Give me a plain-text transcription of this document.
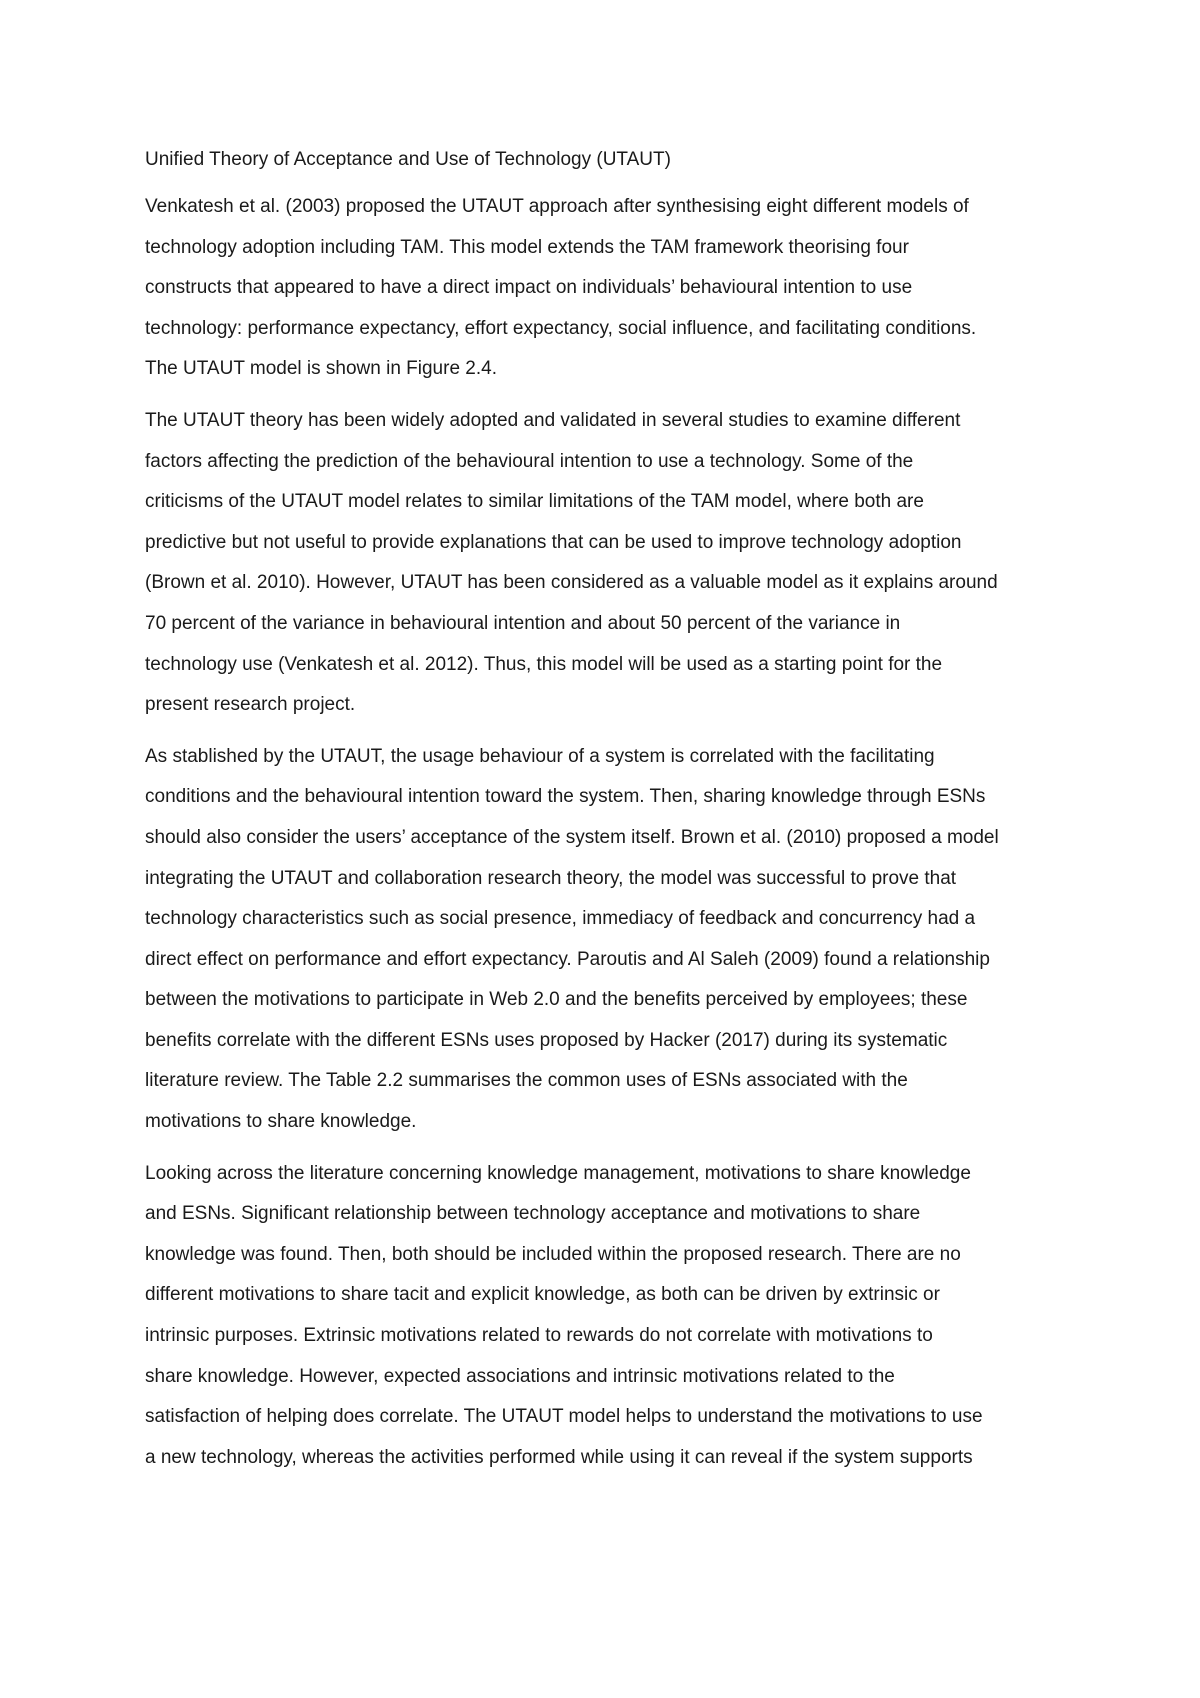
Unified Theory of Acceptance and Use of Technology (UTAUT)

Venkatesh et al. (2003) proposed the UTAUT approach after synthesising eight different models of
technology adoption including TAM. This model extends the TAM framework theorising four
constructs that appeared to have a direct impact on individuals’ behavioural intention to use
technology: performance expectancy, effort expectancy, social influence, and facilitating conditions.
The UTAUT model is shown in Figure 2.4.

The UTAUT theory has been widely adopted and validated in several studies to examine different
factors affecting the prediction of the behavioural intention to use a technology. Some of the
criticisms of the UTAUT model relates to similar limitations of the TAM model, where both are
predictive but not useful to provide explanations that can be used to improve technology adoption
(Brown et al. 2010). However, UTAUT has been considered as a valuable model as it explains around
70 percent of the variance in behavioural intention and about 50 percent of the variance in
technology use (Venkatesh et al. 2012). Thus, this model will be used as a starting point for the
present research project.

As stablished by the UTAUT, the usage behaviour of a system is correlated with the facilitating
conditions and the behavioural intention toward the system. Then, sharing knowledge through ESNs
should also consider the users’ acceptance of the system itself. Brown et al. (2010) proposed a model
integrating the UTAUT and collaboration research theory, the model was successful to prove that
technology characteristics such as social presence, immediacy of feedback and concurrency had a
direct effect on performance and effort expectancy. Paroutis and Al Saleh (2009) found a relationship
between the motivations to participate in Web 2.0 and the benefits perceived by employees; these
benefits correlate with the different ESNs uses proposed by Hacker (2017) during its systematic
literature review. The Table 2.2 summarises the common uses of ESNs associated with the
motivations to share knowledge.

Looking across the literature concerning knowledge management, motivations to share knowledge
and ESNs. Significant relationship between technology acceptance and motivations to share
knowledge was found. Then, both should be included within the proposed research. There are no
different motivations to share tacit and explicit knowledge, as both can be driven by extrinsic or
intrinsic purposes. Extrinsic motivations related to rewards do not correlate with motivations to
share knowledge. However, expected associations and intrinsic motivations related to the
satisfaction of helping does correlate. The UTAUT model helps to understand the motivations to use
a new technology, whereas the activities performed while using it can reveal if the system supports
